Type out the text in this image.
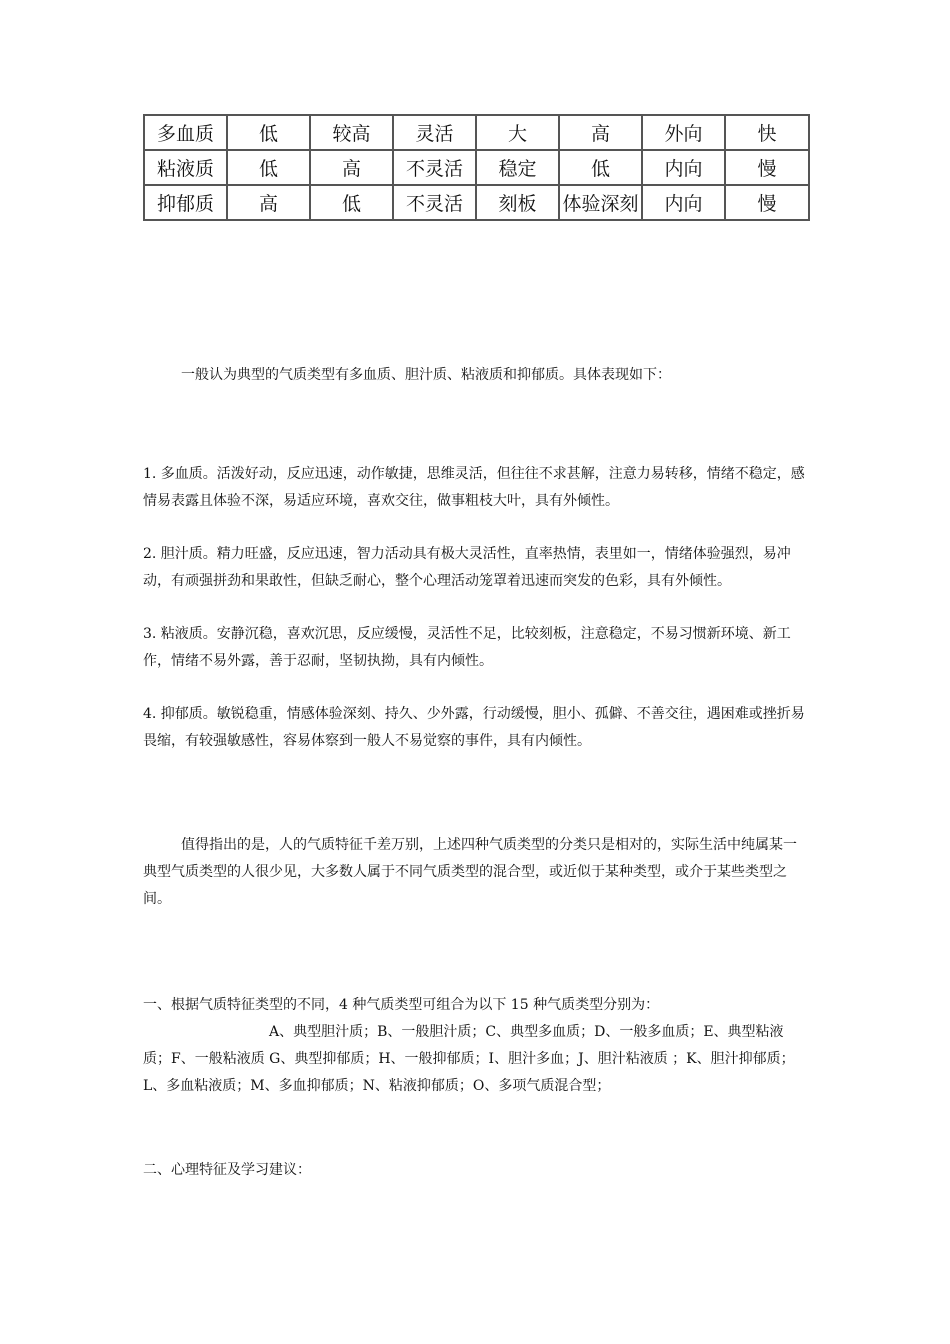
多血质	低	较高	灵活	大	高	外向	快
粘液质	低	高	不灵活	稳定	低	内向	慢
抑郁质	高	低	不灵活	刻板	体验深刻	内向	慢

一般认为典型的气质类型有多血质、胆汁质、粘液质和抑郁质。具体表现如下：

1. 多血质。活泼好动，反应迅速，动作敏捷，思维灵活，但往往不求甚解，注意力易转移，情绪不稳定，感情易表露且体验不深，易适应环境，喜欢交往，做事粗枝大叶，具有外倾性。

2. 胆汁质。精力旺盛，反应迅速，智力活动具有极大灵活性，直率热情，表里如一，情绪体验强烈，易冲动，有顽强拼劲和果敢性，但缺乏耐心，整个心理活动笼罩着迅速而突发的色彩，具有外倾性。

3. 粘液质。安静沉稳，喜欢沉思，反应缓慢，灵活性不足，比较刻板，注意稳定，不易习惯新环境、新工作，情绪不易外露，善于忍耐，坚韧执拗，具有内倾性。

4. 抑郁质。敏锐稳重，情感体验深刻、持久、少外露，行动缓慢，胆小、孤僻、不善交往，遇困难或挫折易畏缩，有较强敏感性，容易体察到一般人不易觉察的事件，具有内倾性。

值得指出的是，人的气质特征千差万别，上述四种气质类型的分类只是相对的，实际生活中纯属某一典型气质类型的人很少见，大多数人属于不同气质类型的混合型，或近似于某种类型，或介于某些类型之间。

一、根据气质特征类型的不同，4 种气质类型可组合为以下 15 种气质类型分别为：

A、典型胆汁质；B、一般胆汁质；C、典型多血质；D、一般多血质；E、典型粘液质；F、一般粘液质 G、典型抑郁质；H、一般抑郁质；I、胆汁多血；J、胆汁粘液质 ；K、胆汁抑郁质；L、多血粘液质；M、多血抑郁质；N、粘液抑郁质；O、多项气质混合型；

二、心理特征及学习建议：
